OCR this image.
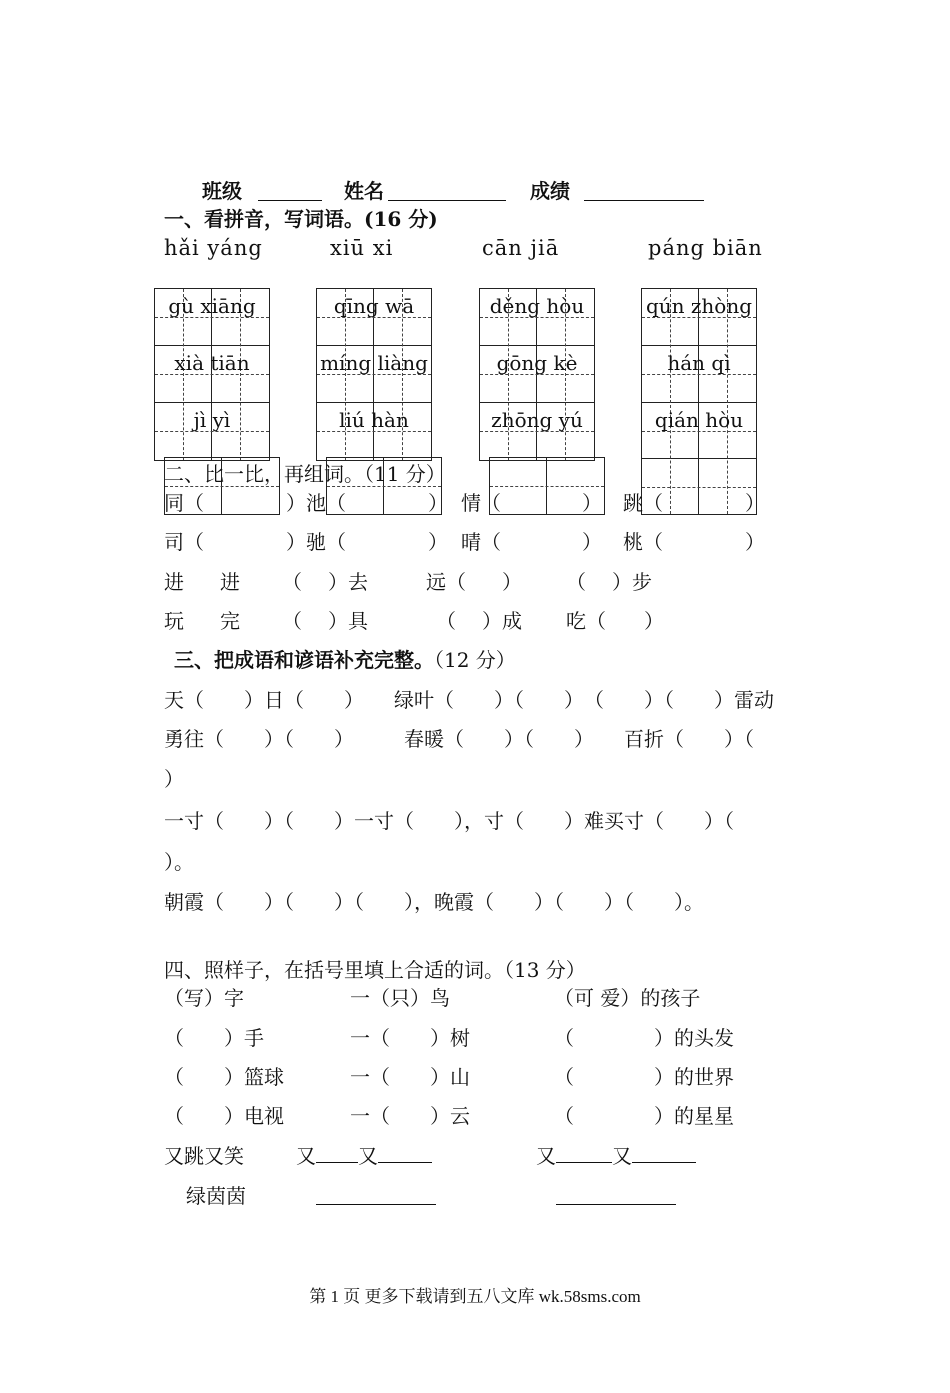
班级	姓名	成绩
一、看拼音，写词语。(16 分)
hǎi yáng	xiū xi	cān jiā	páng biān
gù xiāng
xià tiān
jì yì
qīng wā
míng liàng
liú hàn
děng hòu
gōng kè
zhōng yú
qún zhòng
hán qì
qián hòu
二、比一比，再组词。（11 分）
同（	）池（	） 情（	） 跳（	）
司（	）驰（	） 晴（	） 桃（	）
进 进 （ ）去	远（ ） （ ）步
玩 完 （ ）具	（ ）成 吃（ ）
三、把成语和谚语补充完整。（12 分）
天（　　）日（　　）　　绿叶（　　）（　　）　（　　）（　　）雷动
勇往（　　）（　　）　　　春暖（　　）（　　）　　百折（　　）（
）
一寸（　　）（　　）一寸（　　），寸（　　）难买寸（　　）（
）。
朝霞（　　）（　　）（　　），晚霞（　　）（　　）（　　）。
四、照样子，在括号里填上合适的词。（13 分）
（写）字	一（只）鸟	（可 爱）的孩子
（　　）手	一（　　）树	（　　　　）的头发
（　　）篮球	一（　　）山	（　　　　）的世界
（　　）电视	一（　　）云	（　　　　）的星星
又跳又笑	又 又	又	又
绿茵茵
第 1 页 更多下载请到五八文库 wk.58sms.com
